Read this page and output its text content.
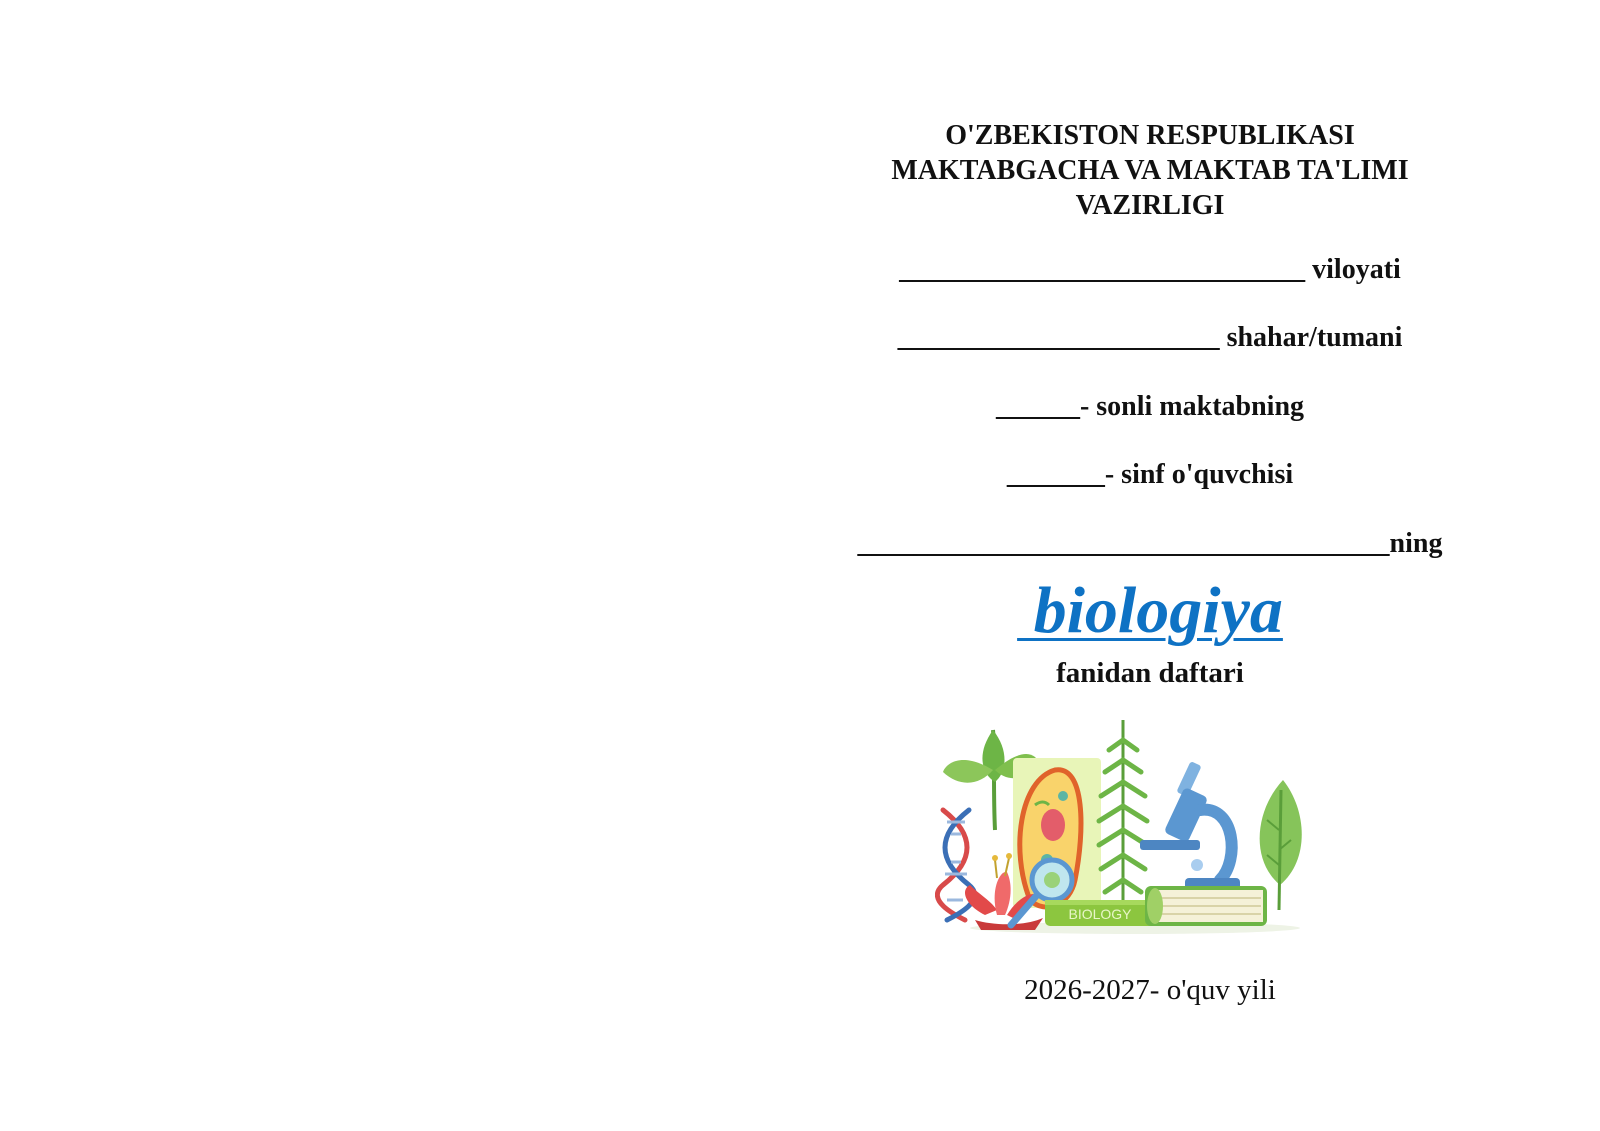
O'ZBEKISTON RESPUBLIKASI

MAKTABGACHA VA MAKTAB TA'LIMI

VAZIRLIGI

_____________________________ viloyati

_______________________ shahar/tumani

______- sonli maktabning

_______- sinf o'quvchisi

______________________________________ning

biologiya
fanidan daftari
BIOLOGY
2026-2027- o'quv yili
